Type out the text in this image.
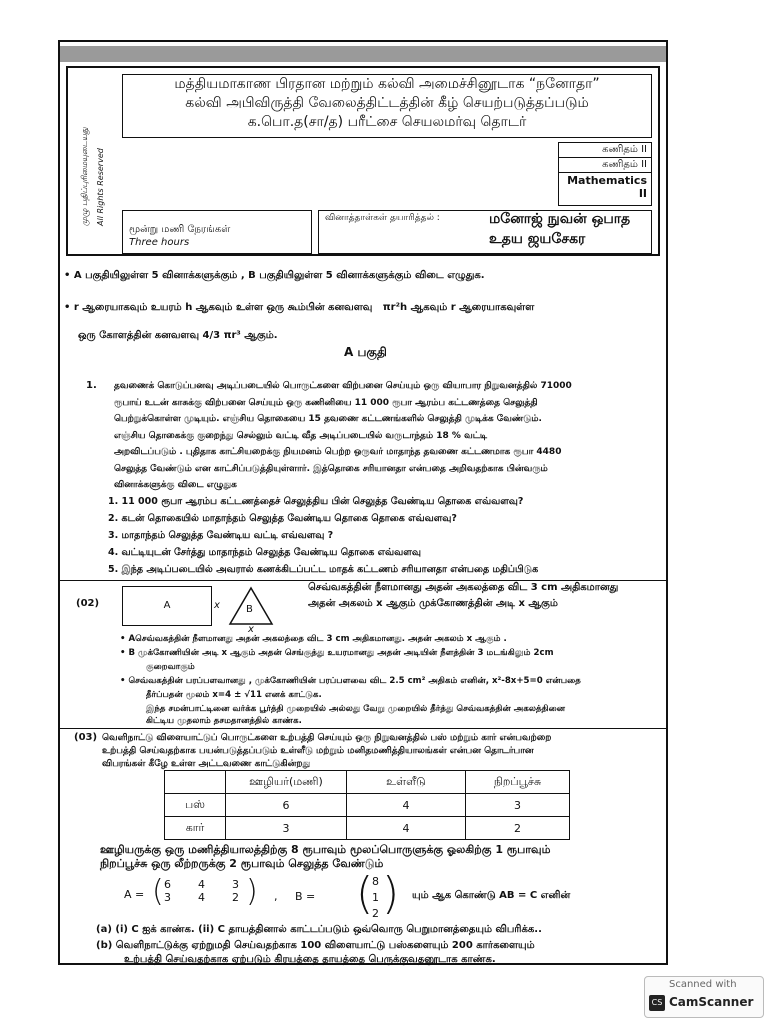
முழு பதிப்புரிமையுடையது All Rights Reserved
மத்தியமாகாண பிரதான மற்றும் கல்வி அமைச்சினூடாக “நனோதா”
கல்வி அபிவிருத்தி வேலைத்திட்டத்தின் கீழ் செயற்படுத்தப்படும்
க.பொ.த(சா/த) பரீட்சை செயலமர்வு தொடர்
கணிதம் II
கணிதம் II
Mathematics II
மூன்று மணி நேரங்கள்
Three hours
வினாத்தாள்கள் தயாரித்தல் :	மனோஜ் நுவன் ஒபாத
உதய ஜயசேகர
• A பகுதியிலுள்ள 5 வினாக்களுக்கும் , B பகுதியிலுள்ள 5 வினாக்களுக்கும் விடை எழுதுக.
• r ஆரையாகவும் உயரம் h ஆகவும் உள்ள ஒரு கூம்பின் கனவளவு πr²h ஆகவும் r ஆரையாகவுள்ள
ஒரு கோளத்தின் கனவளவு 4/3 πr³ ஆகும்.
A பகுதி
1. தவணைக் கொடுப்பனவு அடிப்படையில் பொருட்களை விற்பனை செய்யும் ஒரு வியாபார நிறுவனத்தில் 71000
ரூபாய் உடன் காசுக்கு விற்பனை செய்யும் ஒரு கணினியை 11 000 ரூபா ஆரம்ப கட்டணத்தை செலுத்தி
பெற்றுக்கொள்ள முடியும். எஞ்சிய தொகையை 15 தவணை கட்டணங்களில் செலுத்தி முடிக்க வேண்டும்.
எஞ்சிய தொகைக்கு குறைந்து செல்லும் வட்டி வீத அடிப்படையில் வருடாந்தம் 18 % வட்டி
அறவிடப்படும் . புதிதாக காட்சியறைக்கு நியமனம் பெற்ற ஒருவர் மாதாந்த தவணை கட்டணமாக ரூபா 4480
செலுத்த வேண்டும் என காட்சிப்படுத்தியுள்ளார். இத்தொகை சரியானதா என்பதை அறிவதற்காக பின்வரும்
வினாக்களுக்கு விடை எழுதுக
1. 11 000 ரூபா ஆரம்ப கட்டணத்தைச் செலுத்திய பின் செலுத்த வேண்டிய தொகை எவ்வளவு?
2. கடன் தொகையில் மாதாந்தம் செலுத்த வேண்டிய தொகை தொகை எவ்வளவு?
3. மாதாந்தம் செலுத்த வேண்டிய வட்டி எவ்வளவு ?
4. வட்டியுடன் சேர்த்து மாதாந்தம் செலுத்த வேண்டிய தொகை எவ்வளவு
5. இந்த அடிப்படையில் அவரால் கணக்கிடப்பட்ட மாதக் கட்டணம் சரியானதா என்பதை மதிப்பிடுக
(02)	A	x	B
x
செவ்வகத்தின் நீளமானது அதன் அகலத்தை விட 3 cm அதிகமானது
அதன் அகலம் x ஆகும் முக்கோணத்தின் அடி x ஆகும்
• Aசெவ்வகத்தின் நீளமானது அதன் அகலத்தை விட 3 cm அதிகமானது. அதன் அகலம் x ஆகும் .
• B முக்கோணியின் அடி x ஆகும் அதன் செங்குத்து உயரமானது அதன் அடியின் நீளத்தின் 3 மடங்கிலும் 2cm
குறைவாகும்
• செவ்வகத்தின் பரப்பளவானது , முக்கோணியின் பரப்பளவை விட 2.5 cm² அதிகம் எனின், x²-8x+5=0 என்பதை
தீர்ப்பதன் மூலம் x=4 ± √11 எனக் காட்டுக.
இந்த சமன்பாட்டினை வர்க்க பூர்த்தி முறையில் அல்லது வேறு முறையில் தீர்த்து செவ்வகத்தின் அகலத்தினை
கிட்டிய முதலாம் தசமதானத்தில் காண்க.
(03) வெளிநாட்டு விளையாட்டுப் பொருட்களை உற்பத்தி செய்யும் ஒரு நிறுவனத்தில் பஸ் மற்றும் கார் என்பவற்றை
உற்பத்தி செய்வதற்காக பயன்படுத்தப்படும் உள்ளீடு மற்றும் மனிதமணித்தியாலங்கள் என்பன தொடர்பான
விபரங்கள் கீழே உள்ள அட்டவணை காட்டுகின்றது
	ஊழியர்(மணி)	உள்ளீடு	நிறப்பூச்சு
பஸ்	6	4	3
கார்	3	4	2
ஊழியருக்கு ஒரு மணித்தியாலத்திற்கு 8 ரூபாவும் மூலப்பொருளுக்கு ஓலகிற்கு 1 ரூபாவும்
நிறப்பூச்சு ஒரு லீற்றருக்கு 2 ரூபாவும் செலுத்த வேண்டும்
A = ( 6 4 3
3 4 2 ) ,     B = (
8
1
2 ) யும் ஆக கொண்டு AB = C எனின்
(a) (i) C ஐக் காண்க. (ii) C தாயத்தினால் காட்டப்படும் ஒவ்வொரு பெறுமானத்தையும் விபரிக்க..
(b) வெளிநாட்டுக்கு ஏற்றுமதி செய்வதற்காக 100 விளையாட்டு பஸ்களையும் 200 கார்களையும்
உற்பத்தி செய்வதற்காக ஏற்படும் கிரயத்தை தாயத்தை பெருக்குவதனூடாக காண்க.
Scanned with
CS CamScanner
